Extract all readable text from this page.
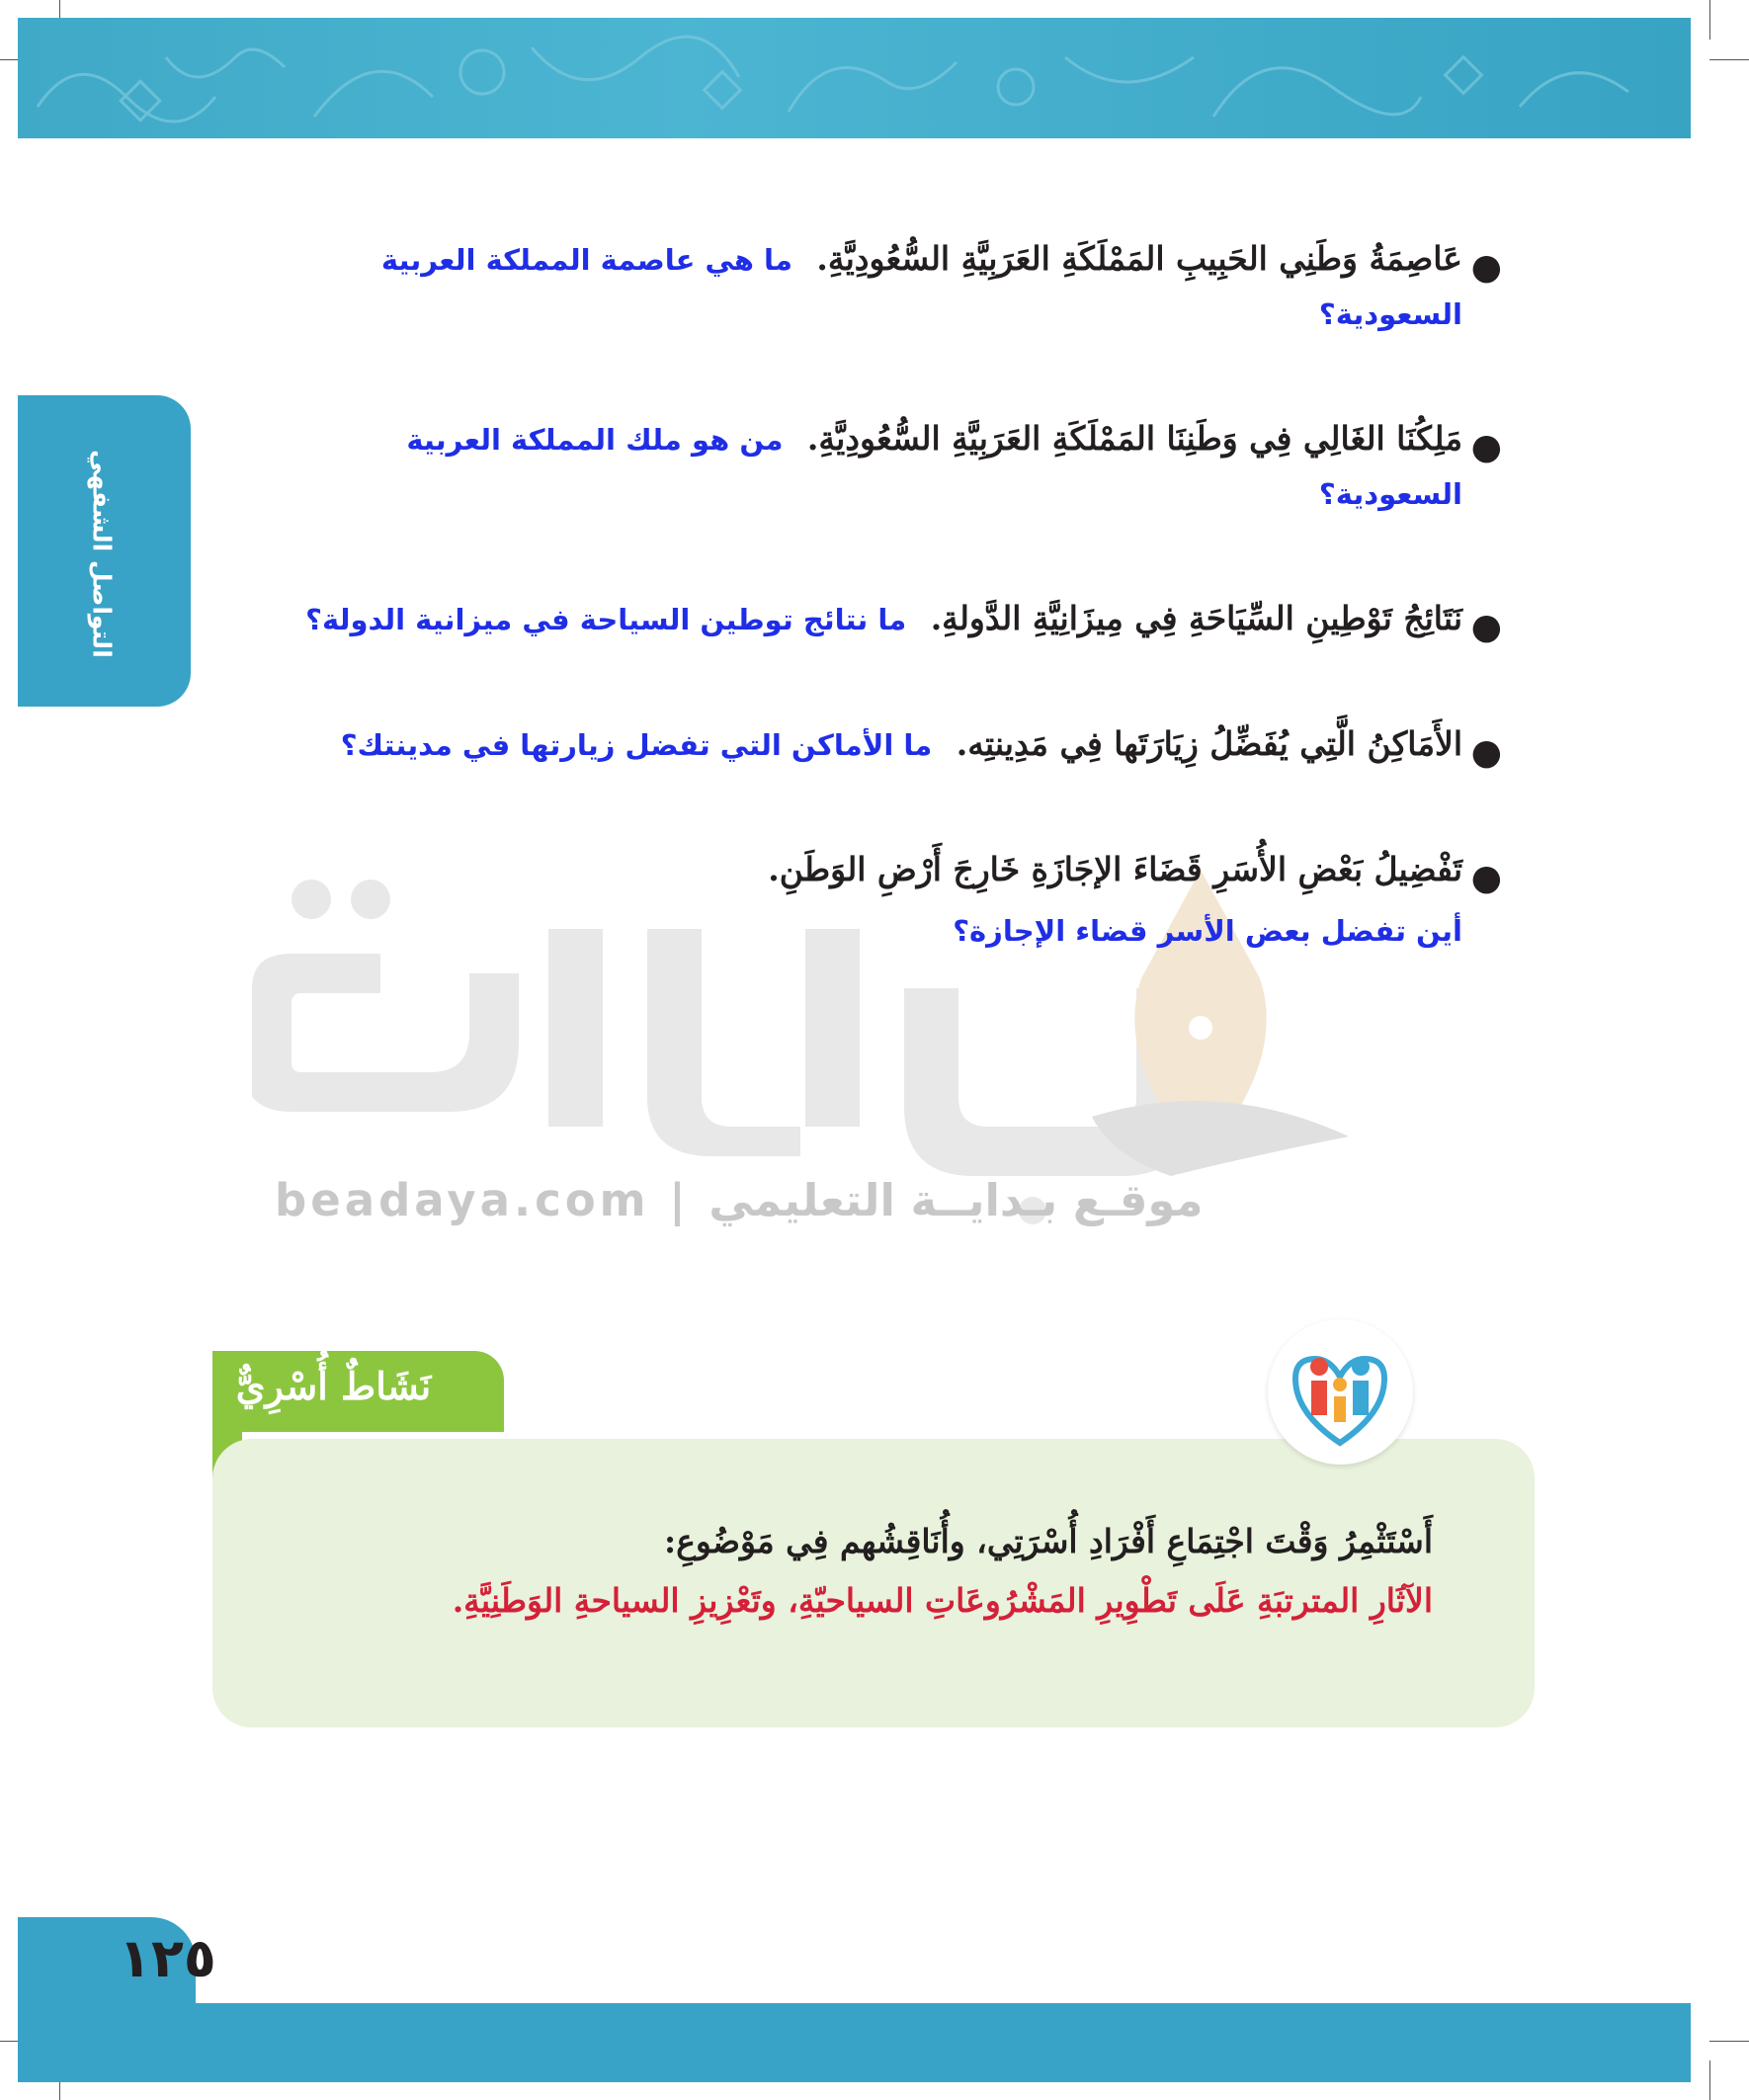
التواصل الشفهي
beadaya.com | موقـع بـدايــة التعليمي
●
عَاصِمَةُ وَطَنِي الحَبِيبِ المَمْلَكَةِ العَرَبِيَّةِ السُّعُودِيَّةِ. ما هي عاصمة المملكة العربية السعودية؟
●
مَلِكُنَا الغَالِي فِي وَطَنِنَا المَمْلَكَةِ العَرَبِيَّةِ السُّعُودِيَّةِ. من هو ملك المملكة العربية السعودية؟
●
نَتَائِجُ تَوْطِينِ السِّيَاحَةِ فِي مِيزَانِيَّةِ الدَّولةِ. ما نتائج توطين السياحة في ميزانية الدولة؟
●
الأَمَاكِنُ الَّتِي يُفَضِّلُ زِيَارَتَها فِي مَدِينتِه. ما الأماكن التي تفضل زيارتها في مدينتك؟
●
تَفْضِيلُ بَعْضِ الأُسَرِ قَضَاءَ الإجَازَةِ خَارِجَ أَرْضِ الوَطَنِ.
أين تفضل بعض الأسر قضاء الإجازة؟
نَشَاطٌ أُسْرِيٌّ
أَسْتَثْمِرُ وَقْتَ اجْتِمَاعِ أَفْرَادِ أُسْرَتِي، وأُنَاقِشُهم فِي مَوْضُوعِ:
الآثَارِ المترتبَةِ عَلَى تَطْوِيرِ المَشْرُوعَاتِ السياحيّةِ، وتَعْزِيزِ السياحةِ الوَطَنِيَّةِ.
١٢٥
